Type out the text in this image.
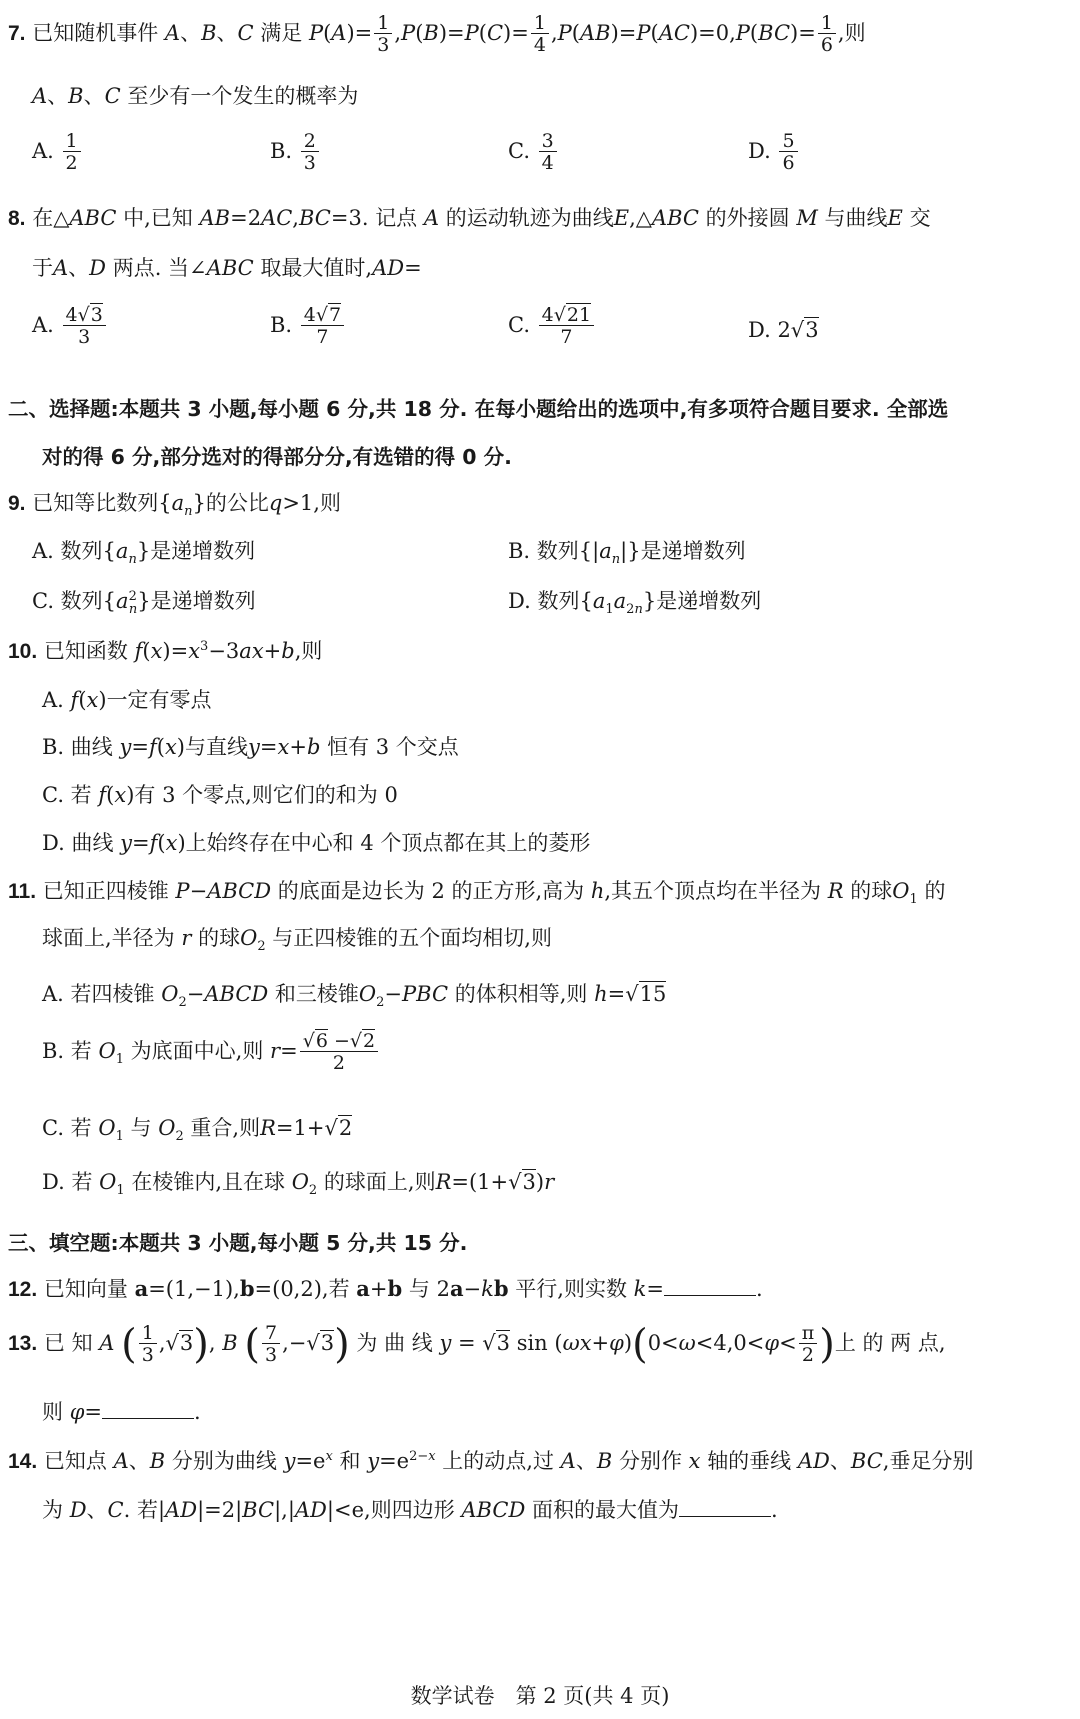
7. 已知随机事件 A、B、C 满足 $P(A)= \frac{1}{3} ,P(B)=P(C)= \frac{1}{4} ,P(AB)=P(AC)=0,P(BC)= \frac{1}{6}$ ,则
A、B、C 至少有一个发生的概率为
A. $\frac{1}{2}$	B. $\frac{2}{3}$	C. $\frac{3}{4}$	D. $\frac{5}{6}$
8. 在△ABC 中,已知 AB=2AC,BC=3. 记点 A 的运动轨迹为曲线E,△ABC 的外接圆 M 与曲线E 交
于A、D 两点. 当∠ABC 取最大值时,AD=
A. $\frac{4√3}{3}$	B. $\frac{4√7}{7}$	C. $\frac{4√21}{7}$	D. 2√3
二、选择题:本题共 3 小题,每小题 6 分,共 18 分. 在每小题给出的选项中,有多项符合题目要求. 全部选
对的得 6 分,部分选对的得部分分,有选错的得 0 分.
9. 已知等比数列$\{a_n\}$的公比q>1,则
A. 数列$\{a_n\}$是递增数列	B. 数列$\{|a_n|\}$是递增数列
C. 数列$\{a^2_n\}$是递增数列	D. 数列$\{a_1a_{2n}\}$是递增数列
10. 已知函数 $f(x)=x^3-3ax+b$,则
A. f(x)一定有零点
B. 曲线 y=f(x)与直线y=x+b 恒有 3 个交点
C. 若 f(x)有 3 个零点,则它们的和为 0
D. 曲线 y=f(x)上始终存在中心和 4 个顶点都在其上的菱形
11. 已知正四棱锥 P−ABCD 的底面是边长为 2 的正方形,高为 h,其五个顶点均在半径为 R 的球$O_1$ 的
球面上,半径为 r 的球$O_2$ 与正四棱锥的五个面均相切,则
A. 若四棱锥 $O_2-ABCD$ 和三棱锥$O_2-PBC$ 的体积相等,则 h=√15
B. 若 $O_1$ 为底面中心,则 $r= \frac{√6 -√2}{2}$
C. 若 $O_1$ 与 $O_2$ 重合,则R=1+√2
D. 若 $O_1$ 在棱锥内,且在球 $O_2$ 的球面上,则R=(1+√3)r
三、填空题:本题共 3 小题,每小题 5 分,共 15 分.
12. 已知向量 a=(1,−1),b=(0,2),若 a+b 与 2a−kb 平行,则实数 k=	.
13. 已 知 A ( $\frac{1}{3} ,√3$), B ( $\frac{7}{3} ,-√3$) 为 曲 线 y = √3 $\sin (\omega x+\varphi)(0<\omega<4,0<\varphi< \frac{\pi}{2}$ )上 的 两 点,
则 φ=	.
14. 已知点 A、B 分别为曲线 $y=e^x$ 和 $y=e^{2-x}$ 上的动点,过 A、B 分别作 x 轴的垂线 AD、BC,垂足分别
为 D、C. 若|AD|=2|BC|,|AD|<e,则四边形 ABCD 面积的最大值为	.
数学试卷　第 2 页(共 4 页)
